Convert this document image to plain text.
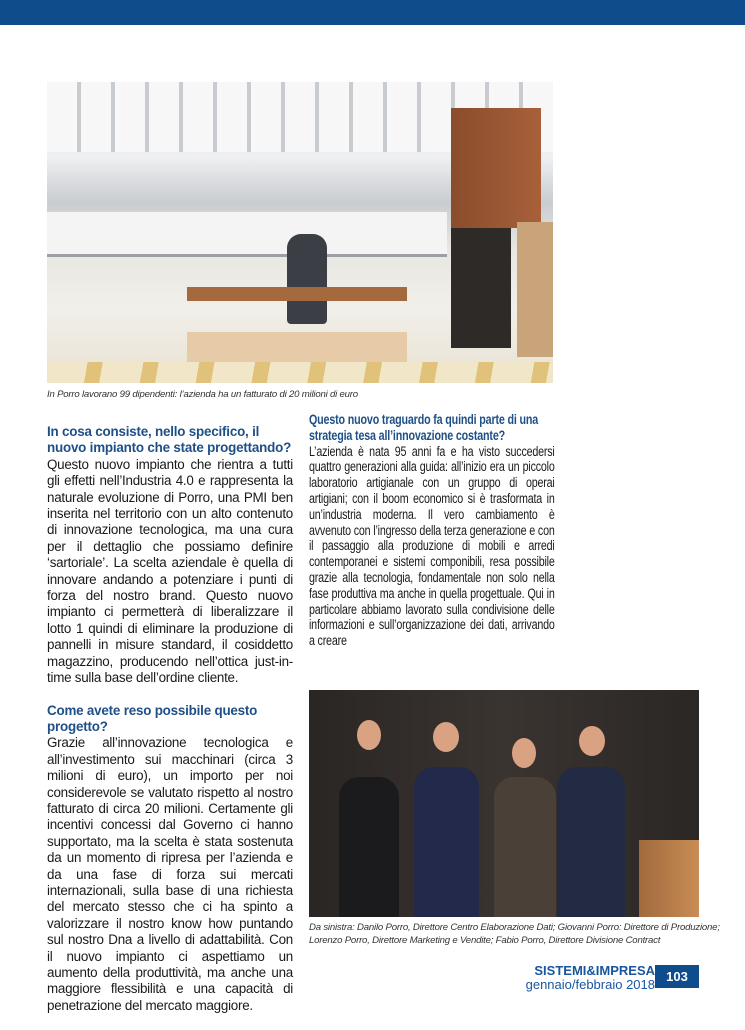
In Porro lavorano 99 dipendenti: l’azienda ha un fatturato di 20 milioni di euro
In cosa consiste, nello specifico, il nuovo impianto che state progettando?

Questo nuovo impianto che rientra a tutti gli effetti nell’Industria 4.0 e rappresenta la naturale evoluzione di Porro, una PMI ben inserita nel territorio con un alto contenuto di innovazione tecnologica, ma una cura per il dettaglio che possiamo definire ‘sartoriale’. La scelta aziendale è quella di innovare andando a potenziare i punti di forza del nostro brand. Questo nuovo impianto ci permetterà di liberalizzare il lotto 1 quindi di eliminare la produzione di pannelli in misure standard, il cosiddetto magazzino, producendo nell’ottica just-in-time sulla base dell’ordine cliente.

Come avete reso possibile questo progetto?

Grazie all’innovazione tecnologica e all’investimento sui macchinari (circa 3 milioni di euro), un importo per noi considerevole se valutato rispetto al nostro fatturato di circa 20 milioni. Certamente gli incentivi concessi dal Governo ci hanno supportato, ma la scelta è stata sostenuta da un momento di ripresa per l’azienda e da una fase di forza sui mercati internazionali, sulla base di una richiesta del mercato stesso che ci ha spinto a valorizzare il nostro know how puntando sul nostro Dna a livello di adattabilità. Con il nuovo impianto ci aspettiamo un aumento della produttività, ma anche una maggiore flessibilità e una capacità di penetrazione del mercato maggiore.

Questo nuovo traguardo fa quindi parte di una strategia tesa all’innovazione costante?

L’azienda è nata 95 anni fa e ha visto succedersi quattro generazioni alla guida: all’inizio era un piccolo laboratorio artigianale con un gruppo di operai artigiani; con il boom economico si è trasformata in un’industria moderna. Il vero cambiamento è avvenuto con l’ingresso della terza generazione e con il passaggio alla produzione di mobili e arredi contemporanei e sistemi componibili, resa possibile grazie alla tecnologia, fondamentale non solo nella fase produttiva ma anche in quella progettuale. Qui in particolare abbiamo lavorato sulla condivisione delle informazioni e sull’organizzazione dei dati, arrivando a creare

Da sinistra: Danilo Porro, Direttore Centro Elaborazione Dati; Giovanni Porro: Direttore di Produzione; Lorenzo Porro, Direttore Marketing e Vendite; Fabio Porro, Direttore Divisione Contract
SISTEMI&IMPRESA
gennaio/febbraio 2018
103
